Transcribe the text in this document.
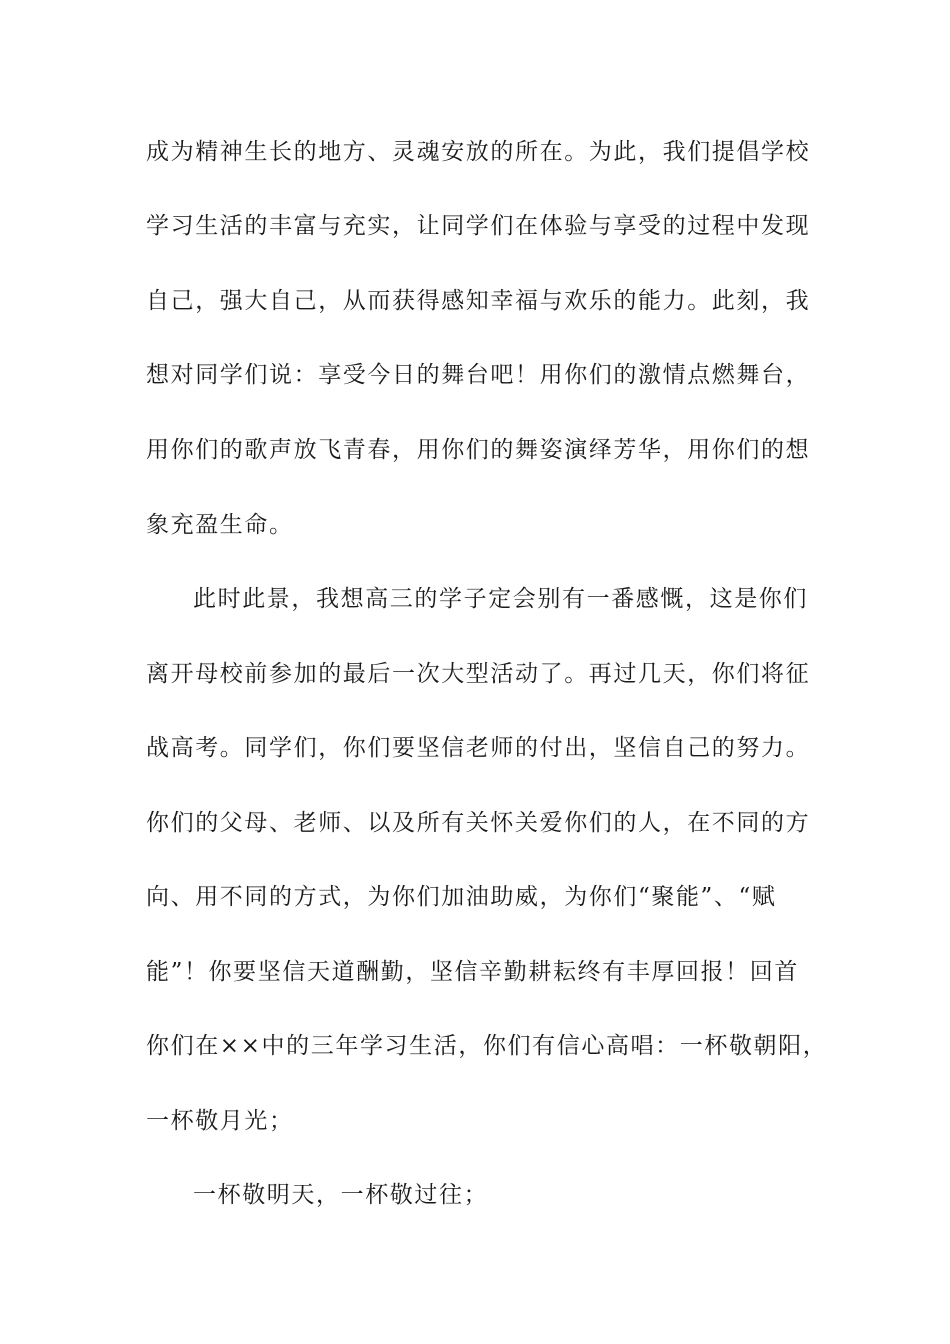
成为精神生长的地方、灵魂安放的所在。为此，我们提倡学校
学习生活的丰富与充实，让同学们在体验与享受的过程中发现
自己，强大自己，从而获得感知幸福与欢乐的能力。此刻，我
想对同学们说：享受今日的舞台吧！用你们的激情点燃舞台，
用你们的歌声放飞青春，用你们的舞姿演绎芳华，用你们的想
象充盈生命。
此时此景，我想高三的学子定会别有一番感慨，这是你们
离开母校前参加的最后一次大型活动了。再过几天，你们将征
战高考。同学们，你们要坚信老师的付出，坚信自己的努力。
你们的父母、老师、以及所有关怀关爱你们的人，在不同的方
向、用不同的方式，为你们加油助威，为你们“聚能”、“赋
能”！你要坚信天道酬勤，坚信辛勤耕耘终有丰厚回报！回首
你们在××中的三年学习生活，你们有信心高唱：一杯敬朝阳，
一杯敬月光；
一杯敬明天，一杯敬过往；
